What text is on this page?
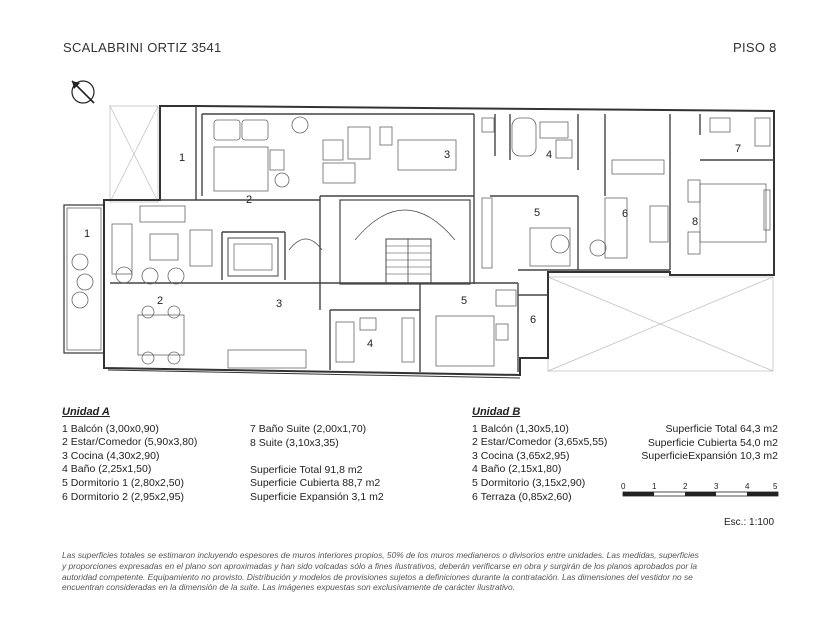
SCALABRINI ORTIZ 3541	PISO 8
1
2
3
1
2	3
4
5	6
7
8
4
5
6
Unidad A
1 Balcón (3,00x0,90)
2 Estar/Comedor (5,90x3,80)
3 Cocina (4,30x2,90)
4 Baño (2,25x1,50)
5 Dormitorio 1 (2,80x2,50)
6 Dormitorio 2 (2,95x2,95)
7 Baño Suite (2,00x1,70)
8 Suite (3,10x3,35)
Superficie Total 91,8 m2
Superficie Cubierta 88,7 m2
Superficie Expansión 3,1 m2
Unidad B
1 Balcón (1,30x5,10)
2 Estar/Comedor (3,65x5,55)
3 Cocina (3,65x2,95)
4 Baño (2,15x1,80)
5 Dormitorio (3,15x2,90)
6 Terraza (0,85x2,60)
Superficie Total 64,3 m2
Superficie Cubierta 54,0 m2
SuperficieExpansión 10,3 m2
0	1	2	3	4	5
Esc.: 1:100
Las superficies totales se estimaron incluyendo espesores de muros interiores propios, 50% de los muros medianeros o divisorios entre unidades. Las medidas, superficies y proporciones expresadas en el plano son aproximadas y han sido volcadas sólo a fines ilustrativos, deberán verificarse en obra y surgirán de los planos aprobados por la autoridad competente. Equipamiento no provisto. Distribución y modelos de provisiones sujetos a definiciones durante la contratación. Las dimensiones del vestidor no se encuentran consideradas en la dimensión de la suite. Las imágenes expuestas son exclusivamente de carácter ilustrativo.
